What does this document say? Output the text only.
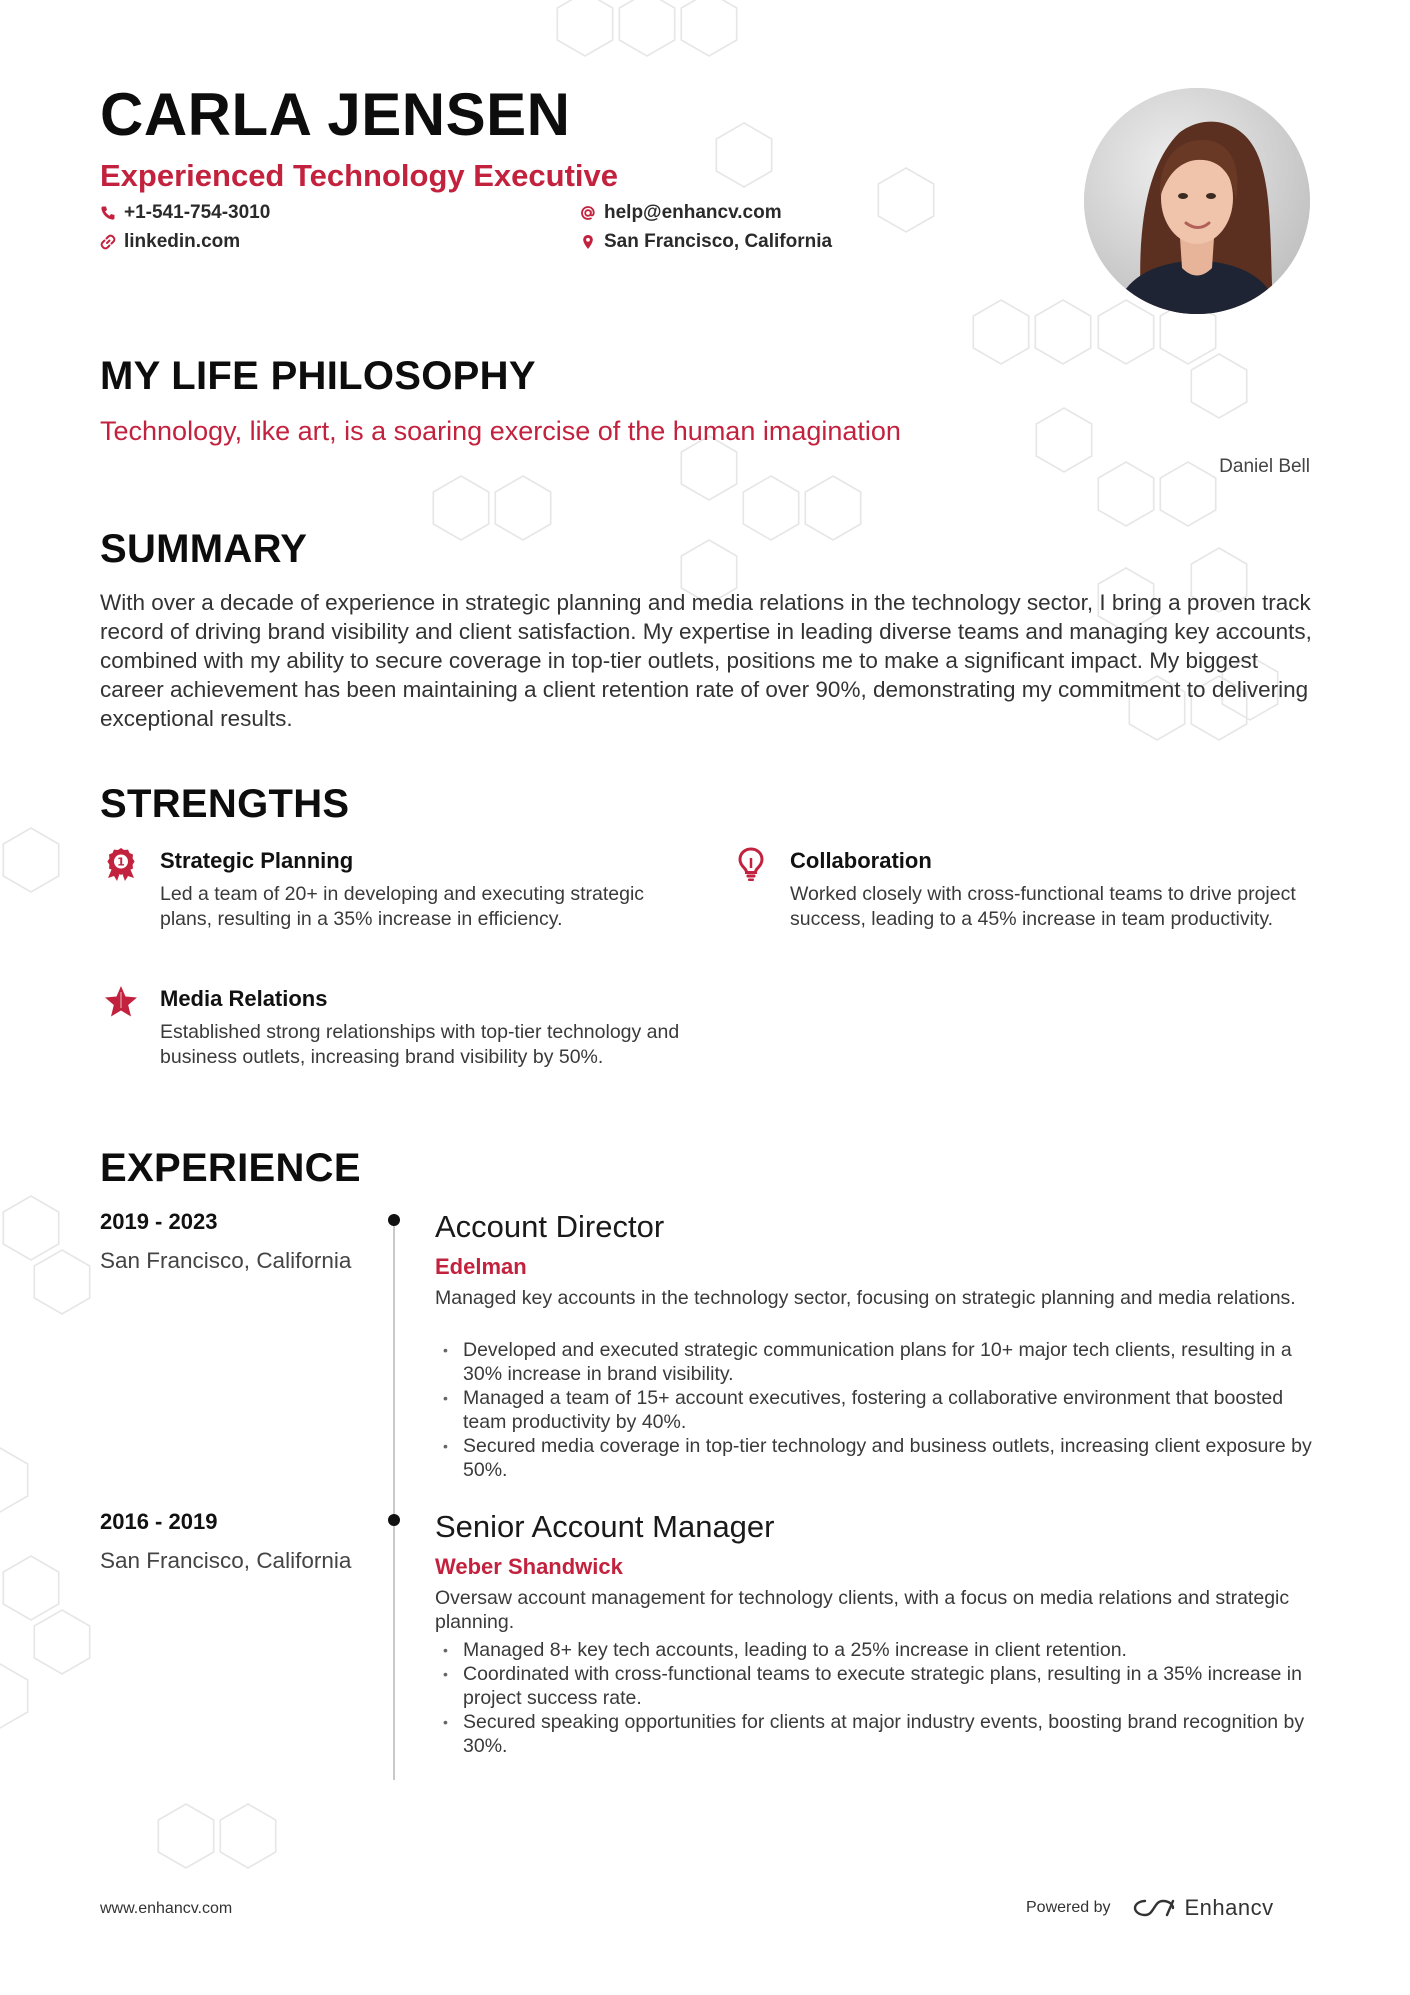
CARLA JENSEN
Experienced Technology Executive
+1-541-754-3010
linkedin.com
help@enhancv.com
San Francisco, California
MY LIFE PHILOSOPHY
Technology, like art, is a soaring exercise of the human imagination
Daniel Bell
SUMMARY
With over a decade of experience in strategic planning and media relations in the technology sector, I bring a proven track record of driving brand visibility and client satisfaction. My expertise in leading diverse teams and managing key accounts, combined with my ability to secure coverage in top-tier outlets, positions me to make a significant impact. My biggest career achievement has been maintaining a client retention rate of over 90%, demonstrating my commitment to delivering exceptional results.
STRENGTHS
1 Strategic Planning
Led a team of 20+ in developing and executing strategic plans, resulting in a 35% increase in efficiency.
Collaboration
Worked closely with cross-functional teams to drive project success, leading to a 45% increase in team productivity.
Media Relations
Established strong relationships with top-tier technology and business outlets, increasing brand visibility by 50%.
EXPERIENCE
2019 - 2023
San Francisco, California
Account Director
Edelman
Managed key accounts in the technology sector, focusing on strategic planning and media relations.
• Developed and executed strategic communication plans for 10+ major tech clients, resulting in a 30% increase in brand visibility.
• Managed a team of 15+ account executives, fostering a collaborative environment that boosted team productivity by 40%.
• Secured media coverage in top-tier technology and business outlets, increasing client exposure by 50%.
2016 - 2019
San Francisco, California
Senior Account Manager
Weber Shandwick
Oversaw account management for technology clients, with a focus on media relations and strategic planning.
• Managed 8+ key tech accounts, leading to a 25% increase in client retention.
• Coordinated with cross-functional teams to execute strategic plans, resulting in a 35% increase in project success rate.
• Secured speaking opportunities for clients at major industry events, boosting brand recognition by 30%.
www.enhancv.com	Powered by	Enhancv
